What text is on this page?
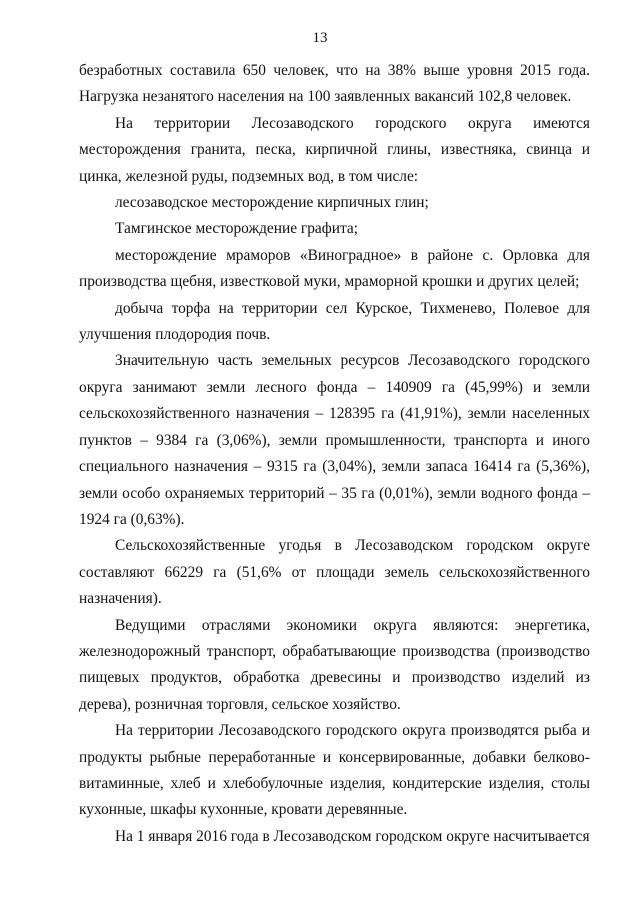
13

безработных составила 650 человек, что на 38% выше уровня 2015 года. Нагрузка незанятого населения на 100 заявленных вакансий 102,8 человек.

На территории Лесозаводского городского округа имеются месторождения гранита, песка, кирпичной глины, известняка, свинца и цинка, железной руды, подземных вод, в том числе:

лесозаводское месторождение кирпичных глин;

Тамгинское месторождение графита;

месторождение мраморов «Виноградное» в районе с. Орловка для производства щебня, известковой муки, мраморной крошки и других целей;

добыча торфа на территории сел Курское, Тихменево, Полевое для улучшения плодородия почв.

Значительную часть земельных ресурсов Лесозаводского городского округа занимают земли лесного фонда – 140909 га (45,99%) и земли сельскохозяйственного назначения – 128395 га (41,91%), земли населенных пунктов – 9384 га (3,06%), земли промышленности, транспорта и иного специального назначения – 9315 га (3,04%), земли запаса 16414 га (5,36%), земли особо охраняемых территорий – 35 га (0,01%), земли водного фонда – 1924 га (0,63%).

Сельскохозяйственные угодья в Лесозаводском городском округе составляют 66229 га (51,6% от площади земель сельскохозяйственного назначения).

Ведущими отраслями экономики округа являются: энергетика, железнодорожный транспорт, обрабатывающие производства (производство пищевых продуктов, обработка древесины и производство изделий из дерева), розничная торговля, сельское хозяйство.

На территории Лесозаводского городского округа производятся рыба и продукты рыбные переработанные и консервированные, добавки белково-витаминные, хлеб и хлебобулочные изделия, кондитерские изделия, столы кухонные, шкафы кухонные, кровати деревянные.

На 1 января 2016 года в Лесозаводском городском округе насчитывается
